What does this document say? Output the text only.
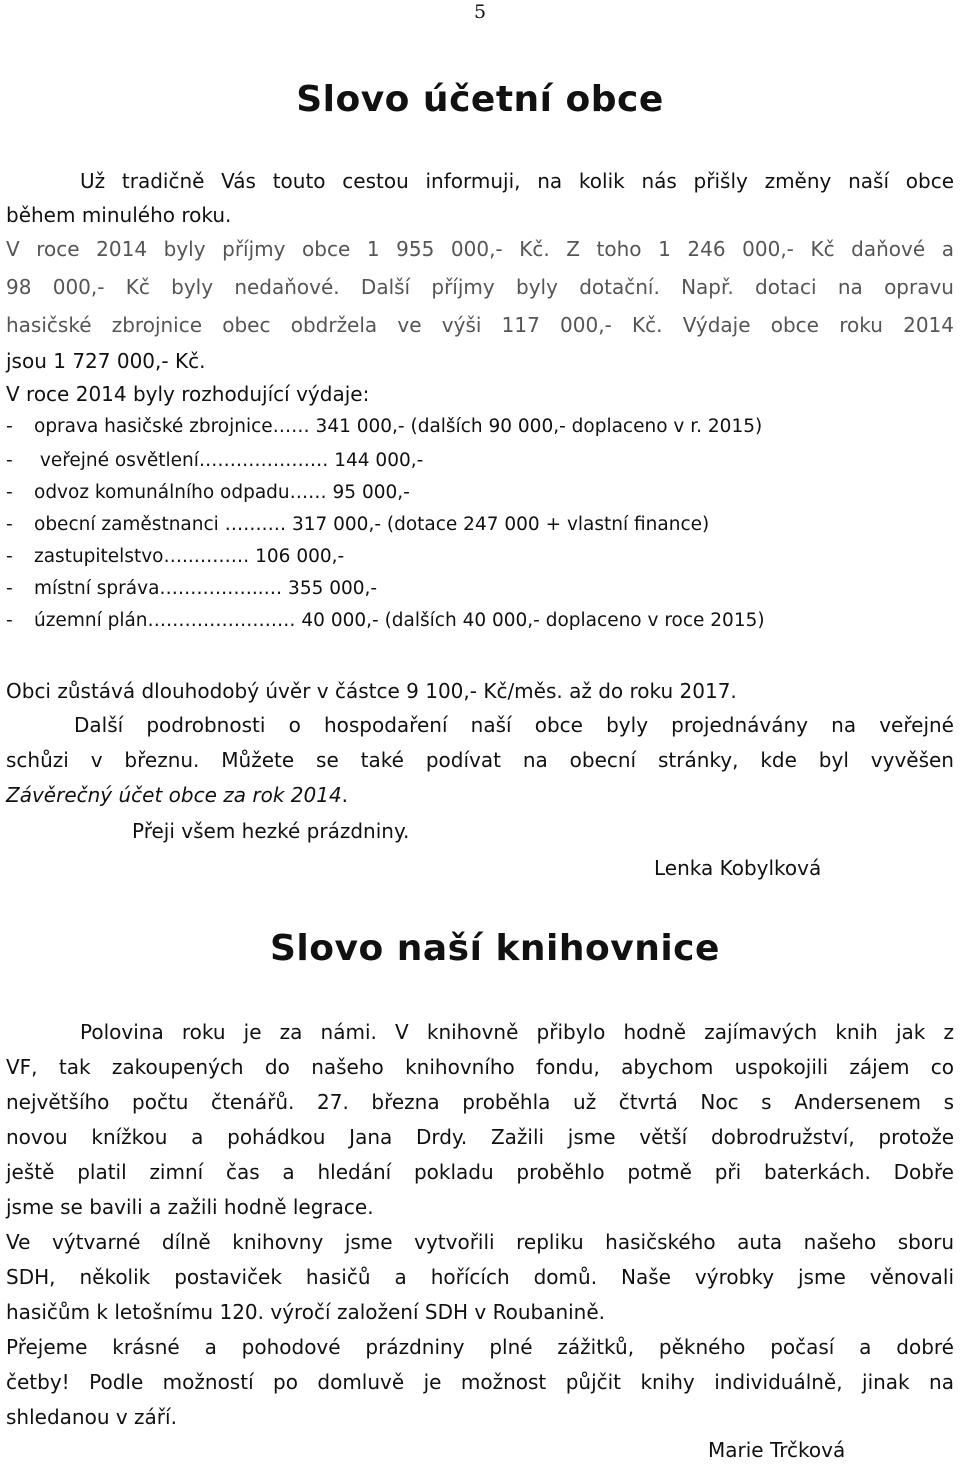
5
Slovo účetní obce
Už tradičně Vás touto cestou informuji, na kolik nás přišly změny naší obce
během minulého roku.
V roce 2014 byly příjmy obce 1 955 000,- Kč. Z toho 1 246 000,- Kč daňové a
98 000,- Kč byly nedaňové. Další příjmy byly dotační. Např. dotaci na opravu
hasičské zbrojnice obec obdržela ve výši 117 000,- Kč. Výdaje obce roku 2014
jsou 1 727 000,- Kč.
V roce 2014 byly rozhodující výdaje:
- oprava hasičské zbrojnice…… 341 000,- (dalších 90 000,- doplaceno v r. 2015)
- veřejné osvětlení………………… 144 000,-
- odvoz komunálního odpadu…… 95 000,-
- obecní zaměstnanci …….… 317 000,- (dotace 247 000 + vlastní finance)
- zastupitelstvo…..……… 106 000,-
- místní správa……………..… 355 000,-
- územní plán…………………… 40 000,- (dalších 40 000,- doplaceno v roce 2015)
Obci zůstává dlouhodobý úvěr v částce 9 100,- Kč/měs. až do roku 2017.
Další podrobnosti o hospodaření naší obce byly projednávány na veřejné
schůzi v březnu. Můžete se také podívat na obecní stránky, kde byl vyvěšen
Závěrečný účet obce za rok 2014.
Přeji všem hezké prázdniny.
Lenka Kobylková
Slovo naší knihovnice
Polovina roku je za námi. V knihovně přibylo hodně zajímavých knih jak z
VF, tak zakoupených do našeho knihovního fondu, abychom uspokojili zájem co
největšího počtu čtenářů. 27. března proběhla už čtvrtá Noc s Andersenem s
novou knížkou a pohádkou Jana Drdy. Zažili jsme větší dobrodružství, protože
ještě platil zimní čas a hledání pokladu proběhlo potmě při baterkách. Dobře
jsme se bavili a zažili hodně legrace.
Ve výtvarné dílně knihovny jsme vytvořili repliku hasičského auta našeho sboru
SDH, několik postaviček hasičů a hořících domů. Naše výrobky jsme věnovali
hasičům k letošnímu 120. výročí založení SDH v Roubanině.
Přejeme krásné a pohodové prázdniny plné zážitků, pěkného počasí a dobré
četby! Podle možností po domluvě je možnost půjčit knihy individuálně, jinak na
shledanou v září.
Marie Trčková
